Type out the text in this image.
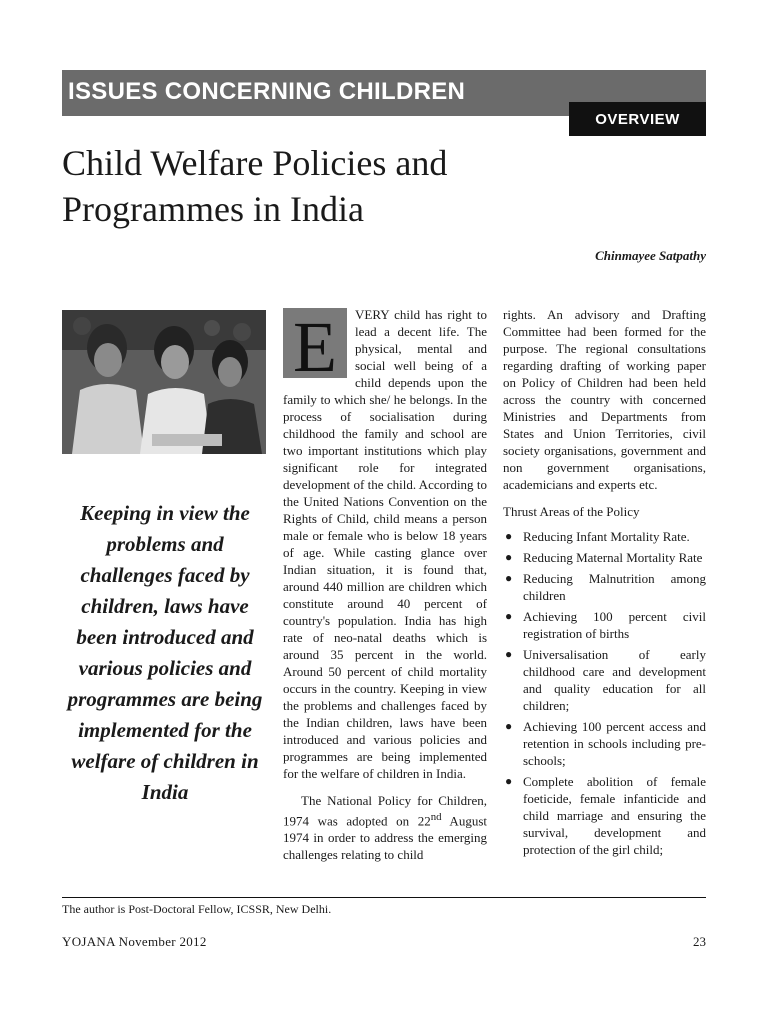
ISSUES CONCERNING CHILDREN
OVERVIEW
Child Welfare Policies and
Programmes in India
Chinmayee Satpathy

Keeping in view the problems and challenges faced by children, laws have been introduced and various policies and programmes are being implemented for the welfare of children in India

E	VERY child has right to lead a decent life. The physical, mental and social well being of a child depends upon the family to which she/ he belongs. In the process of socialisation during childhood the family and school are two important institutions which play significant role for integrated development of the child. According to the United Nations Convention on the Rights of Child, child means a person male or female who is below 18 years of age. While casting glance over Indian situation, it is found that, around 440 million are children which constitute around 40 percent of country's population. India has high rate of neo-natal deaths which is around 35 percent in the world. Around 50 percent of child mortality occurs in the country. Keeping in view the problems and challenges faced by the Indian children, laws have been introduced and various policies and programmes are being implemented for the welfare of children in India.

The National Policy for Children, 1974 was adopted on 22nd August 1974 in order to address the emerging challenges relating to child

rights. An advisory and Drafting Committee had been formed for the purpose. The regional consultations regarding drafting of working paper on Policy of Children had been held across the country with concerned Ministries and Departments from States and Union Territories, civil society organisations, government and non government organisations, academicians and experts etc.

Thrust Areas of the Policy

● Reducing Infant Mortality Rate.
● Reducing Maternal Mortality Rate
● Reducing Malnutrition among children
● Achieving 100 percent civil registration of births
● Universalisation of early childhood care and development and quality education for all children;
● Achieving 100 percent access and retention in schools including pre-schools;
● Complete abolition of female foeticide, female infanticide and child marriage and ensuring the survival, development and protection of the girl child;
The author is Post-Doctoral Fellow, ICSSR, New Delhi.
YOJANA November 2012	23
